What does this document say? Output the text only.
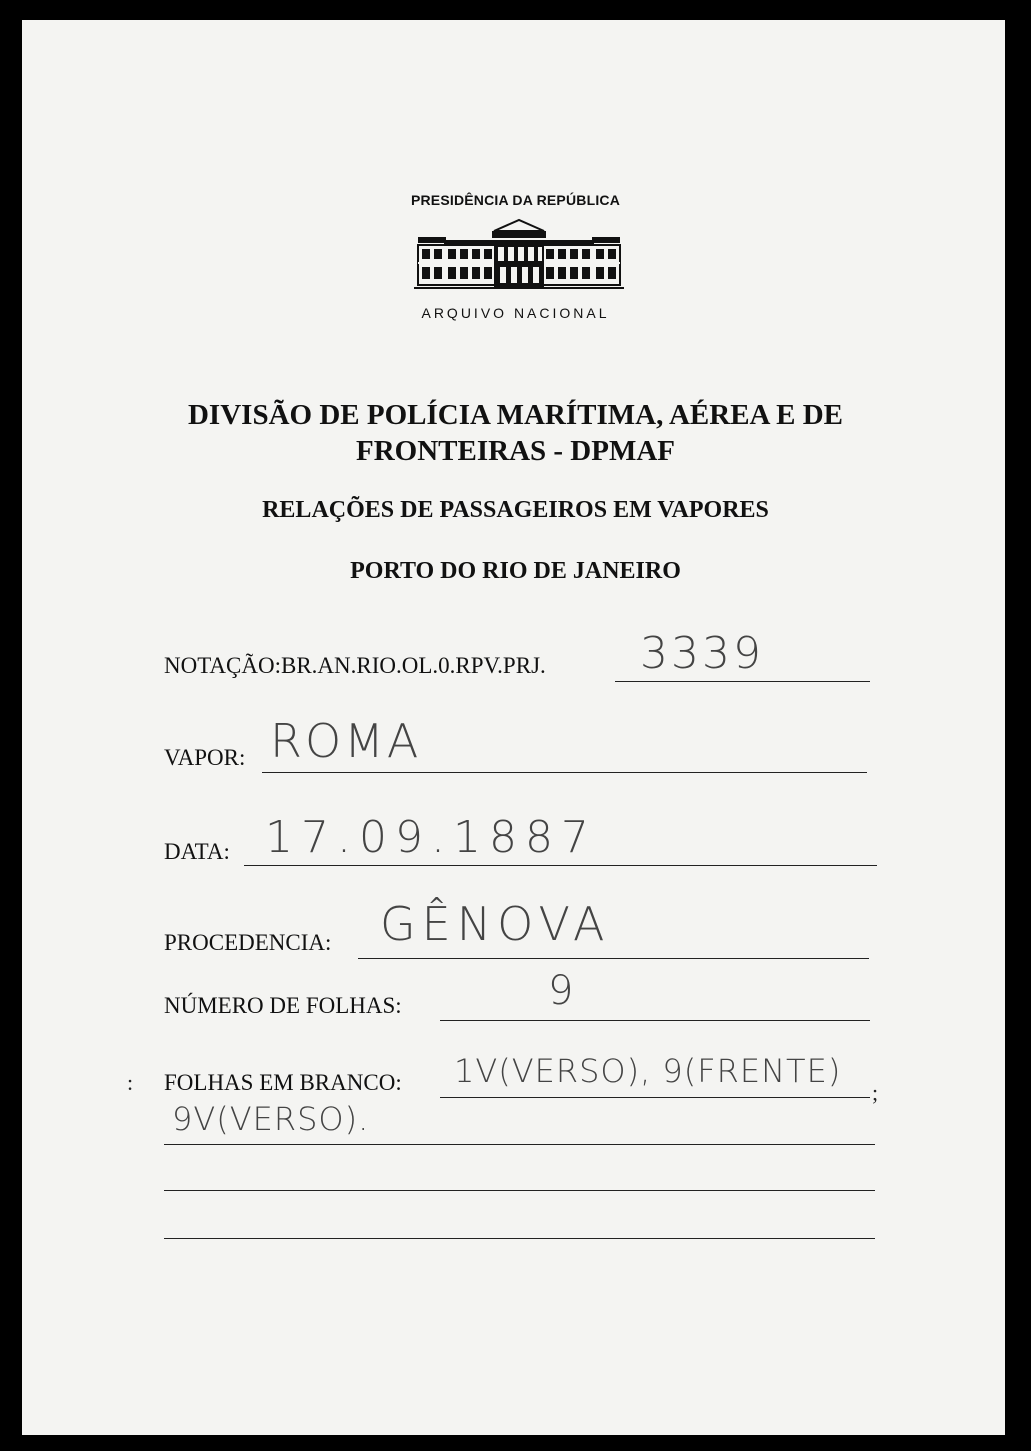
PRESIDÊNCIA DA REPÚBLICA
ARQUIVO NACIONAL
DIVISÃO DE POLÍCIA MARÍTIMA, AÉREA E DE
FRONTEIRAS - DPMAF
RELAÇÕES DE PASSAGEIROS EM VAPORES
PORTO DO RIO DE JANEIRO
NOTAÇÃO:BR.AN.RIO.OL.0.RPV.PRJ. 3339
VAPOR: ROMA
DATA: 17.09.1887
PROCEDENCIA: GÊNOVA
NÚMERO DE FOLHAS:	9
: FOLHAS EM BRANCO: 1V(VERSO), 9(FRENTE)
;
9V(VERSO).
